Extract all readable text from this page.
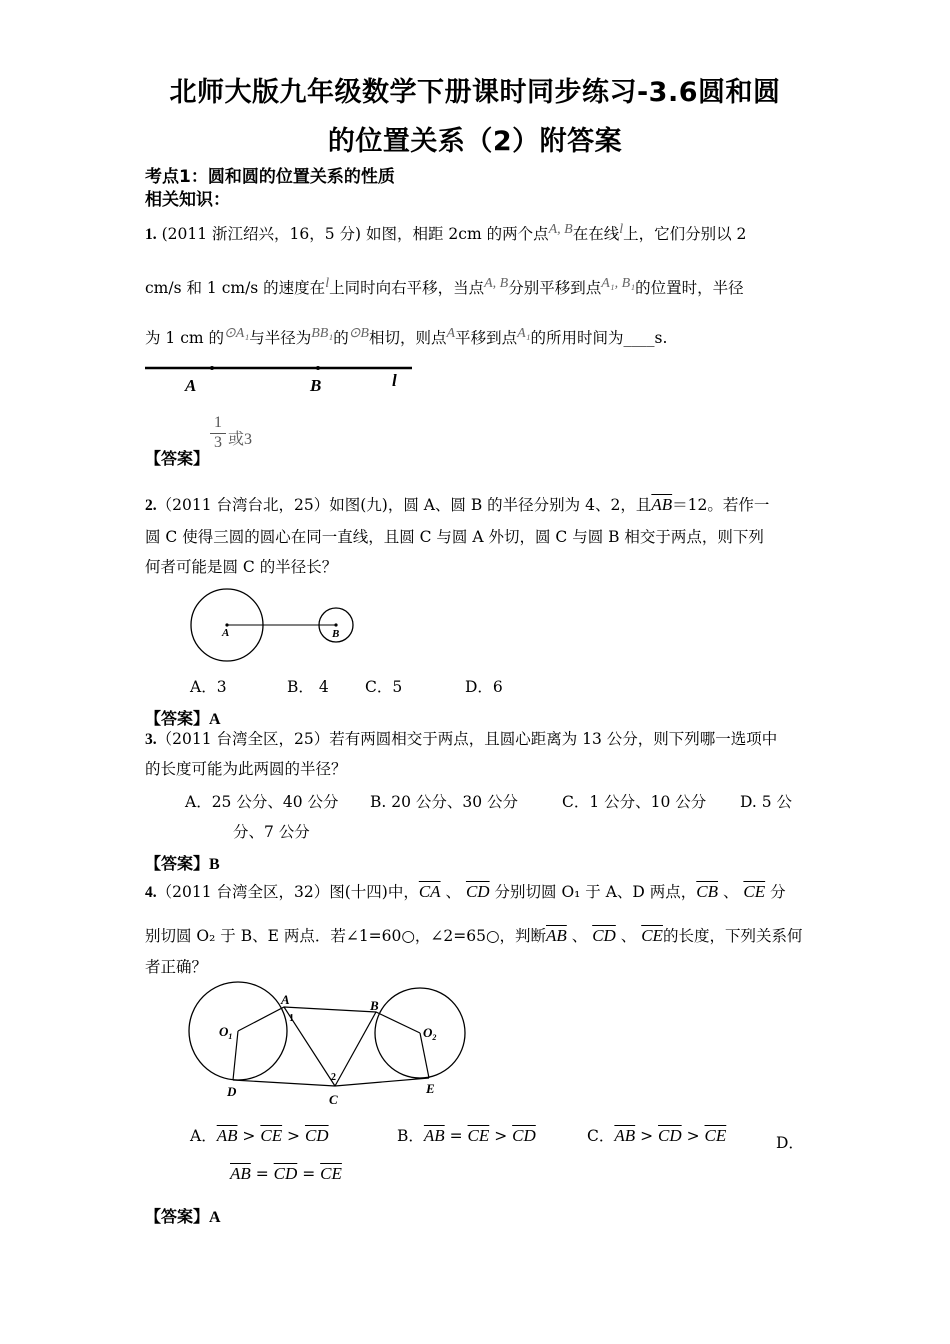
北师大版九年级数学下册课时同步练习-3.6圆和圆
的位置关系（2）附答案
考点1：圆和圆的位置关系的性质
相关知识：
1. (2011 浙江绍兴，16，5 分) 如图，相距 2cm 的两个点$^{A, B}$在在线$^l$上，它们分别以 2
cm/s 和 1 cm/s 的速度在$^l$上同时向右平移，当点$^{A, B}$分别平移到点$^{A_1, B_1}$的位置时，半径
为 1 cm 的$^{⊙A_1}$与半径为$^{BB_1}$的$^{⊙B}$相切，则点$^A$平移到点$^{A_1}$的所用时间为____s.
A	B	l
【答案】
$\frac{1}{3}$ 或3
2.（2011 台湾台北，25）如图(九)，圆 A、圆 B 的半径分别为 4、2，且$\overline{AB}=12$。若作一
圆 C 使得三圆的圆心在同一直线，且圆 C 与圆 A 外切，圆 C 与圆 B 相交于两点，则下列
何者可能是圆 C 的半径长？
A	B
A．3	B． 4 C．5	D．6
【答案】A
3.（2011 台湾全区，25）若有两圆相交于两点，且圆心距离为 13 公分，则下列哪一选项中
的长度可能为此两圆的半径？
A．25 公分、40 公分 B. 20 公分、30 公分	C．1 公分、10 公分 D. 5 公
分、7 公分
【答案】B
4.（2011 台湾全区，32）图(十四)中，$\overline{CA}$ 、 $\overline{CD}$ 分别切圆 O₁ 于 A、D 两点，$\overline{CB}$ 、 $\overline{CE}$ 分
别切圆 O₂ 于 B、E 两点．若∠1=60○，∠2=65○，判断$\overline{AB}$ 、 $\overline{CD}$ 、 $\overline{CE}$的长度，下列关系何
者正确？
A	B
C
D	E
$O_1$	$O_2$
1
2
A．$\overline{AB} > \overline{CE} > \overline{CD}$	B．$\overline{AB} = \overline{CE} > \overline{CD}$	C．$\overline{AB} > \overline{CD} > \overline{CE}$	D．
$\overline{AB} = \overline{CD} = \overline{CE}$
【答案】A
